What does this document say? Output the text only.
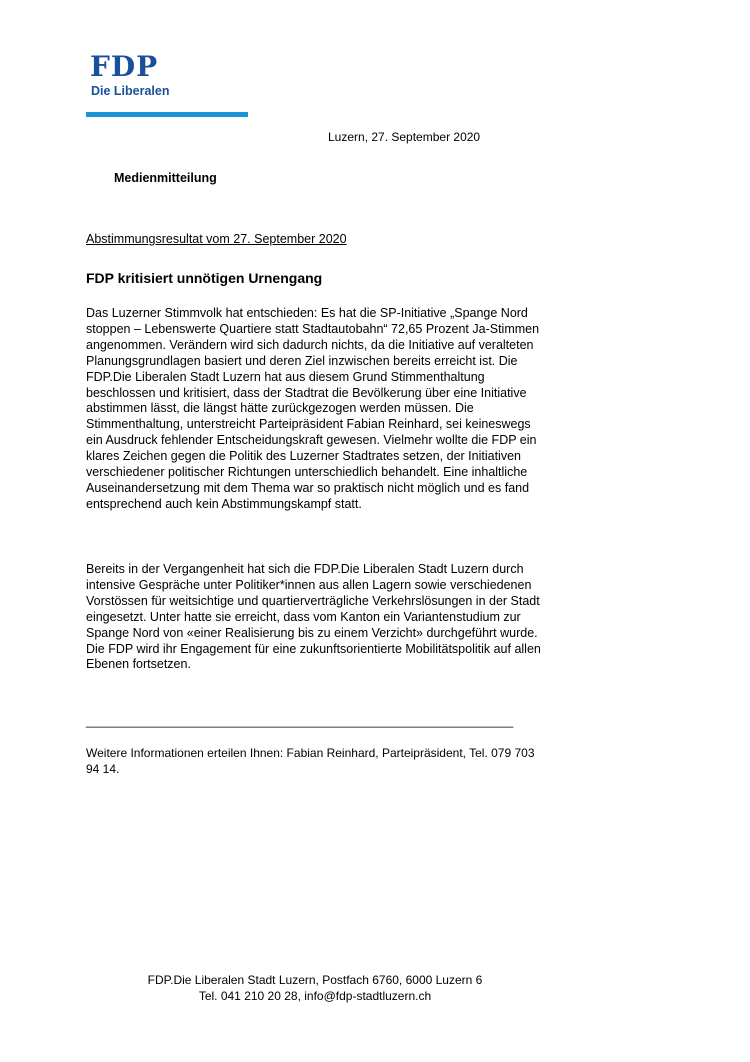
FDP
Die Liberalen
Luzern, 27. September 2020
Medienmitteilung
Abstimmungsresultat vom 27. September 2020
FDP kritisiert unnötigen Urnengang

Das Luzerner Stimmvolk hat entschieden: Es hat die SP-Initiative „Spange Nord stoppen – Lebenswerte Quartiere statt Stadtautobahn“ 72,65 Prozent Ja-Stimmen angenommen. Verändern wird sich dadurch nichts, da die Initiative auf veralteten Planungsgrundlagen basiert und deren Ziel inzwischen bereits erreicht ist. Die FDP.Die Liberalen Stadt Luzern hat aus diesem Grund Stimmenthaltung beschlossen und kritisiert, dass der Stadtrat die Bevölkerung über eine Initiative abstimmen lässt, die längst hätte zurückgezogen werden müssen. Die Stimmenthaltung, unterstreicht Parteipräsident Fabian Reinhard, sei keineswegs ein Ausdruck fehlender Entscheidungskraft gewesen. Vielmehr wollte die FDP ein klares Zeichen gegen die Politik des Luzerner Stadtrates setzen, der Initiativen verschiedener politischer Richtungen unterschiedlich behandelt. Eine inhaltliche Auseinandersetzung mit dem Thema war so praktisch nicht möglich und es fand entsprechend auch kein Abstimmungskampf statt.

Bereits in der Vergangenheit hat sich die FDP.Die Liberalen Stadt Luzern durch intensive Gespräche unter Politiker*innen aus allen Lagern sowie verschiedenen Vorstössen für weitsichtige und quartierverträgliche Verkehrslösungen in der Stadt eingesetzt. Unter hatte sie erreicht, dass vom Kanton ein Variantenstudium zur Spange Nord von «einer Realisierung bis zu einem Verzicht» durchgeführt wurde. Die FDP wird ihr Engagement für eine zukunftsorientierte Mobilitätspolitik auf allen Ebenen fortsetzen.

________________________________________________________________
Weitere Informationen erteilen Ihnen: Fabian Reinhard, Parteipräsident, Tel. 079 703 94 14.
FDP.Die Liberalen Stadt Luzern, Postfach 6760, 6000 Luzern 6
Tel. 041 210 20 28, info@fdp-stadtluzern.ch
